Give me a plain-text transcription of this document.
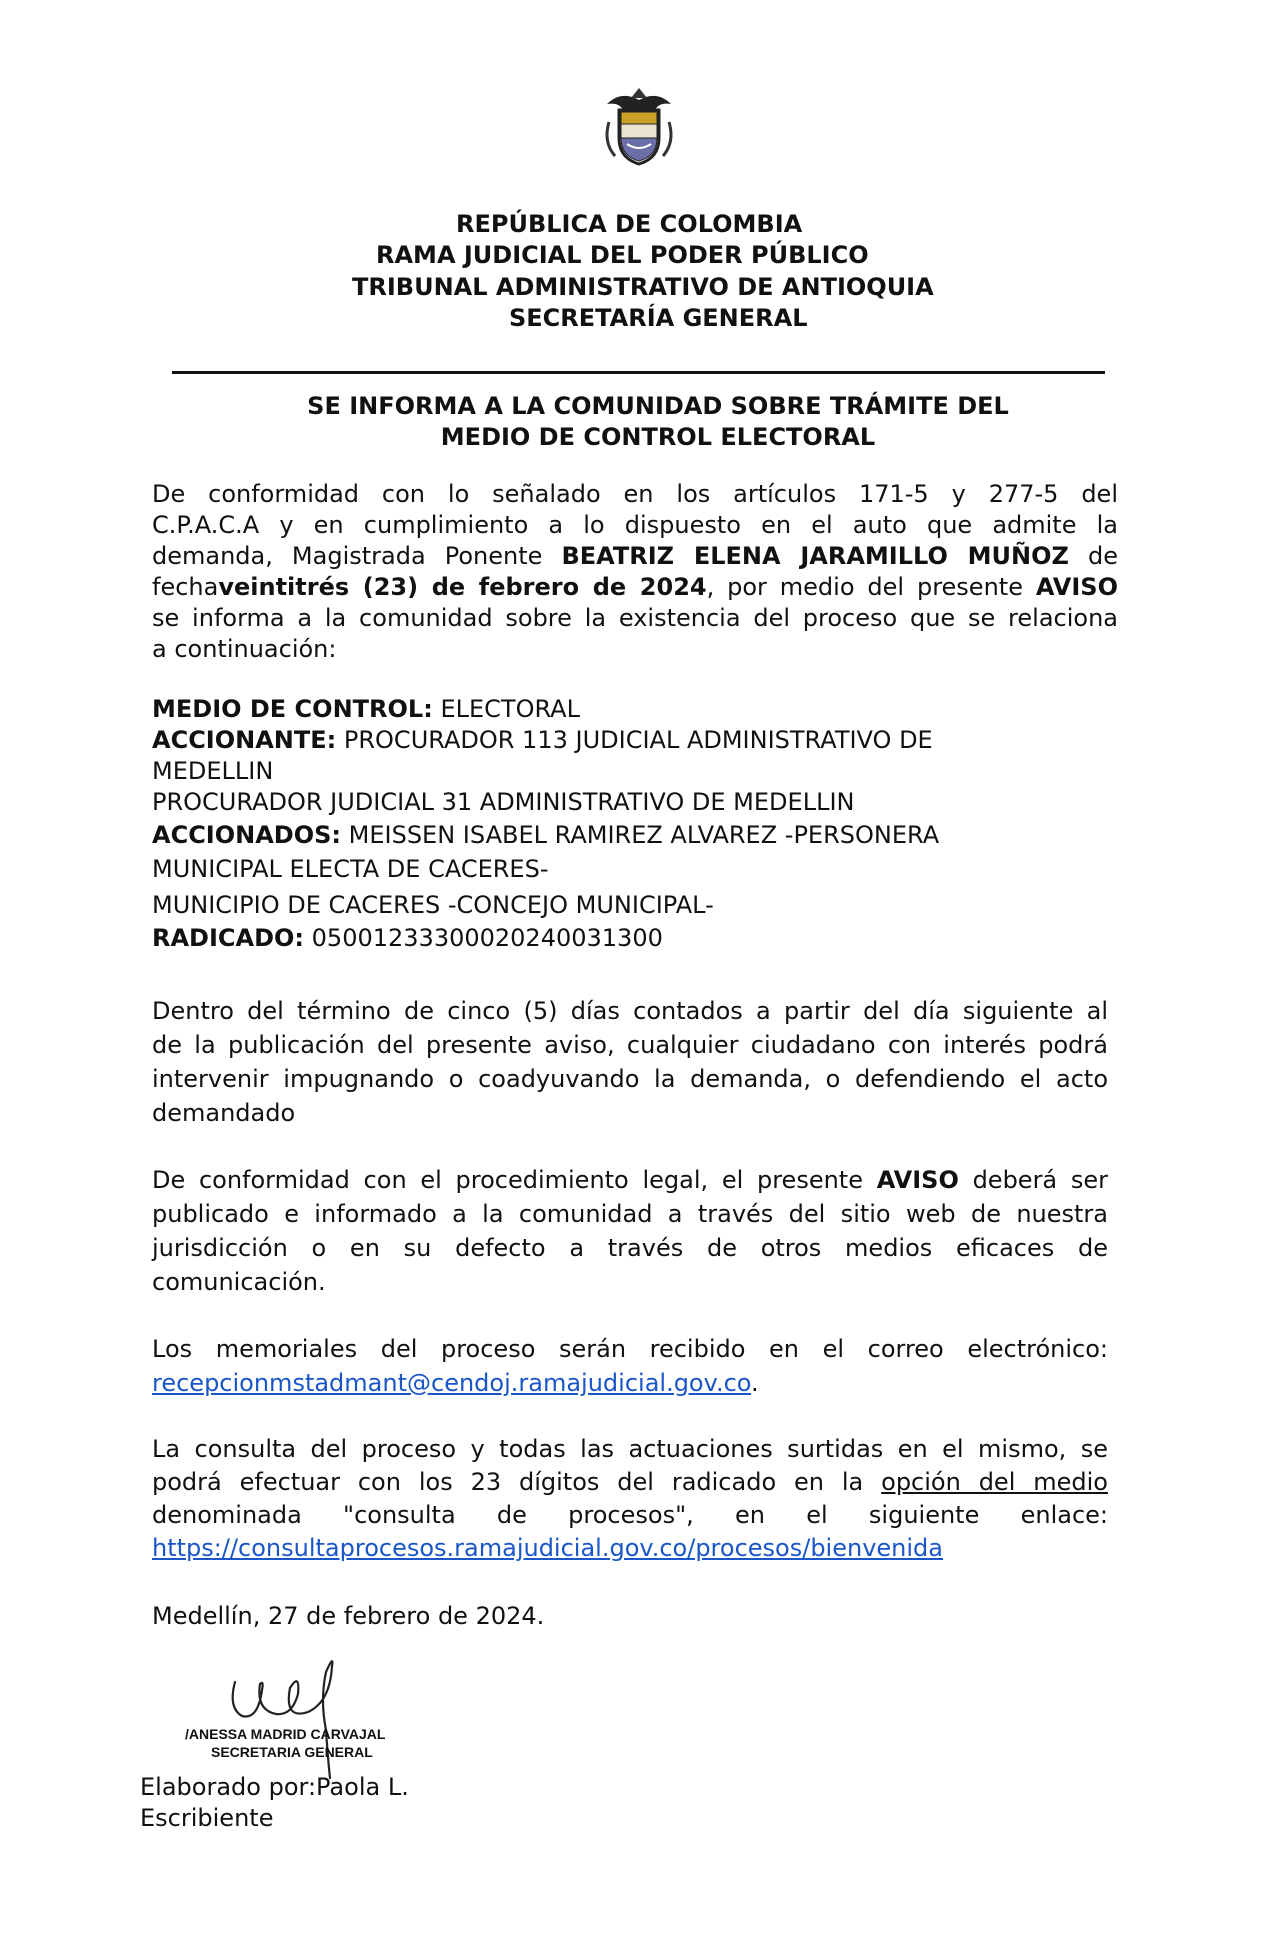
REPÚBLICA DE COLOMBIA
RAMA JUDICIAL DEL PODER PÚBLICO
TRIBUNAL ADMINISTRATIVO DE ANTIOQUIA
SECRETARÍA GENERAL
SE INFORMA A LA COMUNIDAD SOBRE TRÁMITE DEL
MEDIO DE CONTROL ELECTORAL
De conformidad con lo señalado en los artículos 171-5 y 277-5 del
C.P.A.C.A y en cumplimiento a lo dispuesto en el auto que admite la
demanda, Magistrada Ponente BEATRIZ ELENA JARAMILLO MUÑOZ de
fechaveintitrés (23) de febrero de 2024, por medio del presente AVISO
se informa a la comunidad sobre la existencia del proceso que se relaciona
a continuación:
MEDIO DE CONTROL: ELECTORAL
ACCIONANTE: PROCURADOR 113 JUDICIAL ADMINISTRATIVO DE
MEDELLIN
PROCURADOR JUDICIAL 31 ADMINISTRATIVO DE MEDELLIN
ACCIONADOS: MEISSEN ISABEL RAMIREZ ALVAREZ -PERSONERA
MUNICIPAL ELECTA DE CACERES-
MUNICIPIO DE CACERES -CONCEJO MUNICIPAL-
RADICADO: 05001233300020240031300
Dentro del término de cinco (5) días contados a partir del día siguiente al
de la publicación del presente aviso, cualquier ciudadano con interés podrá
intervenir impugnando o coadyuvando la demanda, o defendiendo el acto
demandado
De conformidad con el procedimiento legal, el presente AVISO deberá ser
publicado e informado a la comunidad a través del sitio web de nuestra
jurisdicción o en su defecto a través de otros medios eficaces de
comunicación.
Los memoriales del proceso serán recibido en el correo electrónico:
recepcionmstadmant@cendoj.ramajudicial.gov.co.
La consulta del proceso y todas las actuaciones surtidas en el mismo, se
podrá efectuar con los 23 dígitos del radicado en la opción del medio
denominada "consulta de procesos", en el siguiente enlace:
https://consultaprocesos.ramajudicial.gov.co/procesos/bienvenida
Medellín, 27 de febrero de 2024.
/ANESSA MADRID CARVAJAL
SECRETARIA GENERAL
Elaborado por:Paola L.
Escribiente
